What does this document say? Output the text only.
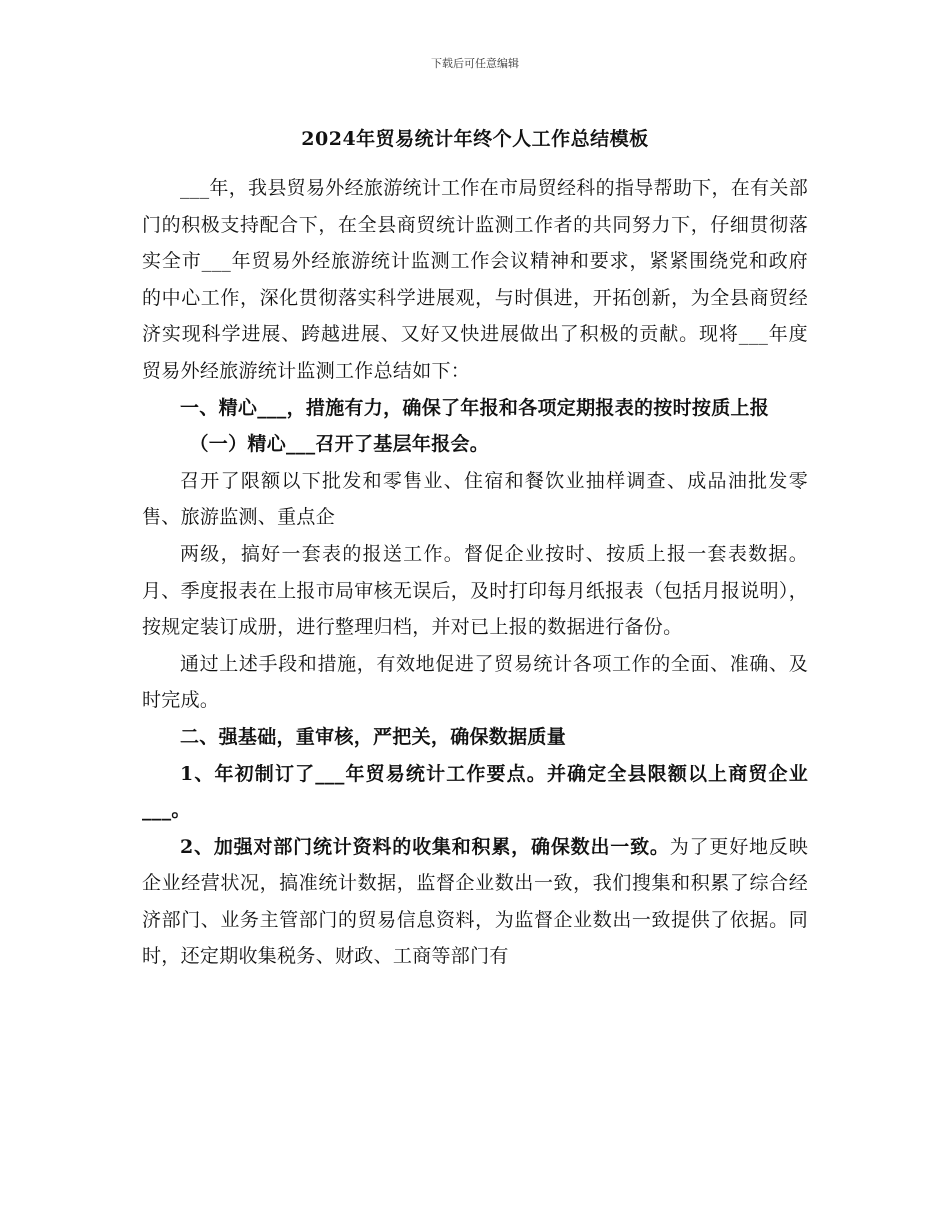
下载后可任意编辑
2024年贸易统计年终个人工作总结模板

___年，我县贸易外经旅游统计工作在市局贸经科的指导帮助下，在有关部门的积极支持配合下，在全县商贸统计监测工作者的共同努力下，仔细贯彻落实全市___年贸易外经旅游统计监测工作会议精神和要求，紧紧围绕党和政府的中心工作，深化贯彻落实科学进展观，与时俱进，开拓创新，为全县商贸经济实现科学进展、跨越进展、又好又快进展做出了积极的贡献。现将___年度贸易外经旅游统计监测工作总结如下：

一、精心___，措施有力，确保了年报和各项定期报表的按时按质上报

（一）精心___召开了基层年报会。

召开了限额以下批发和零售业、住宿和餐饮业抽样调查、成品油批发零售、旅游监测、重点企

两级，搞好一套表的报送工作。督促企业按时、按质上报一套表数据。月、季度报表在上报市局审核无误后，及时打印每月纸报表（包括月报说明），按规定装订成册，进行整理归档，并对已上报的数据进行备份。

通过上述手段和措施，有效地促进了贸易统计各项工作的全面、准确、及时完成。

二、强基础，重审核，严把关，确保数据质量

1、年初制订了___年贸易统计工作要点。并确定全县限额以上商贸企业___。

2、加强对部门统计资料的收集和积累，确保数出一致。为了更好地反映企业经营状况，搞准统计数据，监督企业数出一致，我们搜集和积累了综合经济部门、业务主管部门的贸易信息资料，为监督企业数出一致提供了依据。同时，还定期收集税务、财政、工商等部门有
